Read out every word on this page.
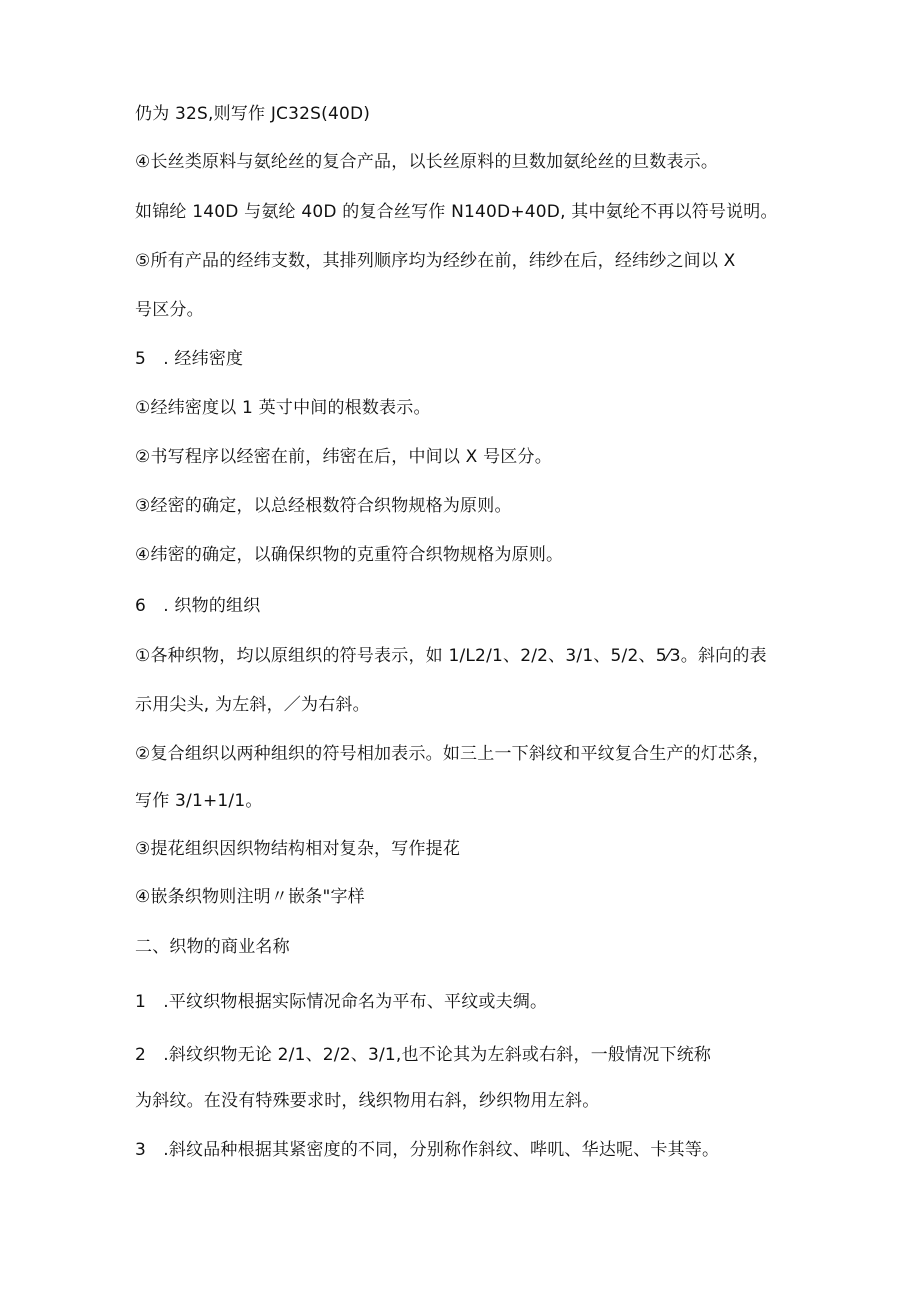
仍为 32S,则写作 JC32S(40D)
④长丝类原料与氨纶丝的复合产品，以长丝原料的旦数加氨纶丝的旦数表示。
如锦纶 140D 与氨纶 40D 的复合丝写作 N140D+40D, 其中氨纶不再以符号说明。
⑤所有产品的经纬支数，其排列顺序均为经纱在前，纬纱在后，经纬纱之间以 X
号区分。
5　. 经纬密度
①经纬密度以 1 英寸中间的根数表示。
②书写程序以经密在前，纬密在后，中间以 X 号区分。
③经密的确定，以总经根数符合织物规格为原则。
④纬密的确定，以确保织物的克重符合织物规格为原则。
6　. 织物的组织
①各种织物，均以原组织的符号表示，如 1/L2/1、2/2、3/1、5/2、5⁄3。斜向的表
示用尖头, 为左斜，／为右斜。
②复合组织以两种组织的符号相加表示。如三上一下斜纹和平纹复合生产的灯芯条，
写作 3/1+1/1。
③提花组织因织物结构相对复杂，写作提花
④嵌条织物则注明〃嵌条"字样
二、织物的商业名称
1　.平纹织物根据实际情况命名为平布、平纹或夫绸。
2　.斜纹织物无论 2/1、2/2、3/1,也不论其为左斜或右斜，一般情况下统称
为斜纹。在没有特殊要求时，线织物用右斜，纱织物用左斜。
3　.斜纹品种根据其紧密度的不同，分别称作斜纹、哔叽、华达呢、卡其等。
